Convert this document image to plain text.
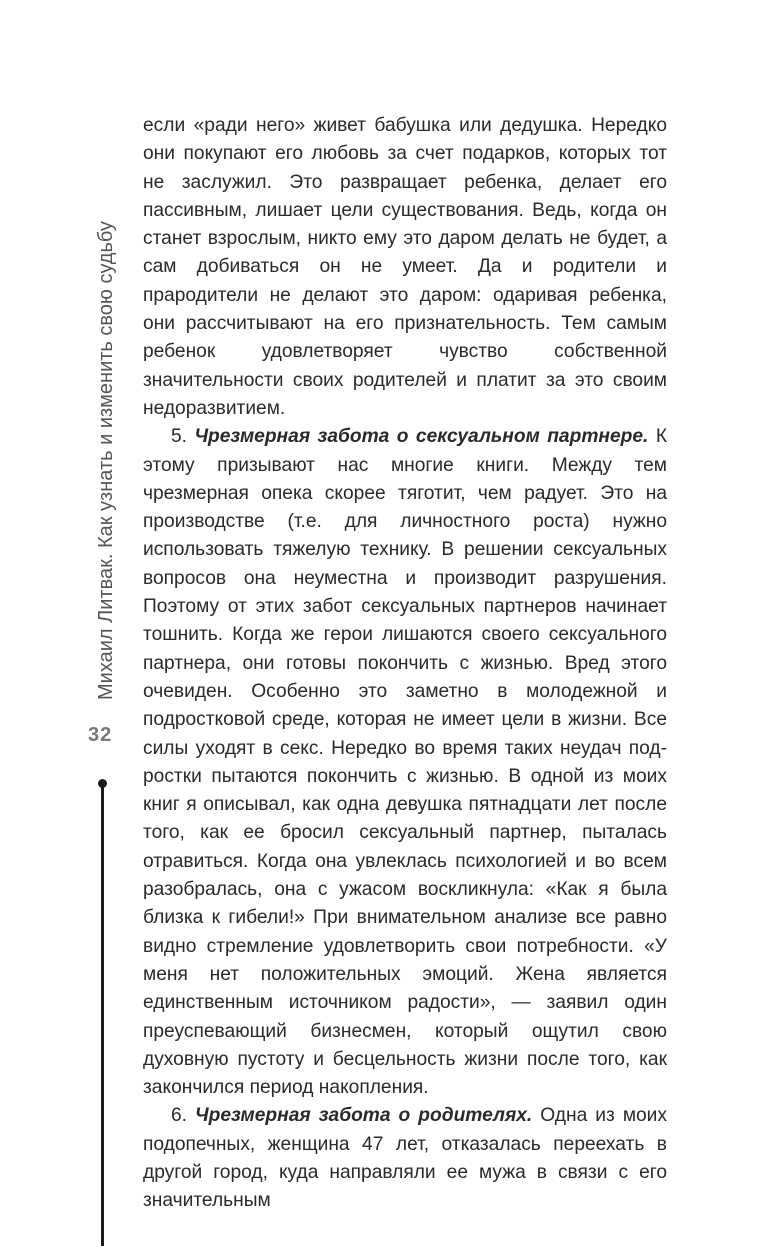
Михаил Литвак. Как узнать и изменить свою судьбу
32

если «ради него» живет бабушка или дедушка. Нередко они покупают его любовь за счет подарков, которых тот не заслужил. Это развращает ребенка, делает его пассивным, лишает цели существования. Ведь, когда он станет взрослым, никто ему это даром делать не будет, а сам добиваться он не умеет. Да и родители и прародители не делают это даром: одаривая ребенка, они рассчитывают на его признательность. Тем самым ребенок удовлетворяет чувство собственной значительности своих родителей и платит за это своим недоразвитием.

5. Чрезмерная забота о сексуальном партнере. К этому призывают нас многие книги. Между тем чрезмерная опека скорее тяготит, чем радует. Это на производстве (т.е. для личностного роста) нужно использовать тяжелую технику. В решении сексуальных вопросов она неуместна и производит разрушения. Поэтому от этих забот сексуальных партнеров начинает тошнить. Когда же герои лишаются своего сексуального партнера, они готовы покончить с жизнью. Вред этого очевиден. Особенно это заметно в молодежной и подростковой среде, которая не имеет цели в жизни. Все силы уходят в секс. Нередко во время таких неудач подростки пытаются покончить с жизнью. В одной из моих книг я описывал, как одна девушка пятнадцати лет после того, как ее бросил сексуальный партнер, пыталась отравиться. Когда она увлеклась психологией и во всем разобралась, она с ужасом воскликнула: «Как я была близка к гибели!» При внимательном анализе все равно видно стремление удовлетворить свои потребности. «У меня нет положительных эмоций. Жена является единственным источником радости», — заявил один преуспевающий бизнесмен, который ощутил свою духовную пустоту и бесцельность жизни после того, как закончился период накопления.

6. Чрезмерная забота о родителях. Одна из моих подопечных, женщина 47 лет, отказалась переехать в другой город, куда направляли ее мужа в связи с его значительным
